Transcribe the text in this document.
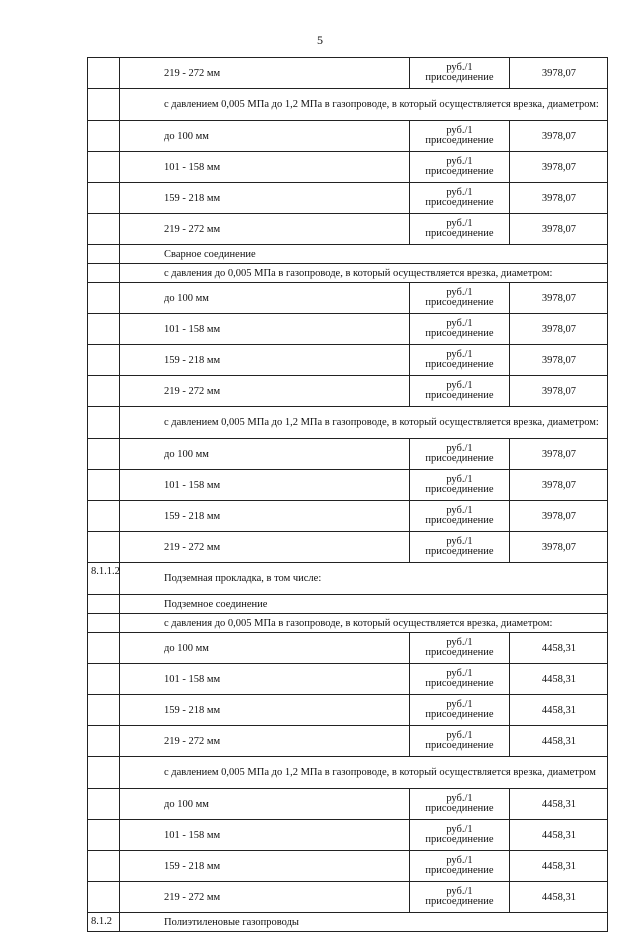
5
	219 - 272 мм	руб./1 присоединение	3978,07
	с давлением 0,005 МПа до 1,2 МПа в газопроводе, в который осуществляется врезка, диаметром:		
	до 100 мм	руб./1 присоединение	3978,07
	101 - 158 мм	руб./1 присоединение	3978,07
	159 - 218 мм	руб./1 присоединение	3978,07
	219 - 272 мм	руб./1 присоединение	3978,07
	Сварное соединение		
	с давления до 0,005 МПа в газопроводе, в который осуществляется врезка, диаметром:		
	до 100 мм	руб./1 присоединение	3978,07
	101 - 158 мм	руб./1 присоединение	3978,07
	159 - 218 мм	руб./1 присоединение	3978,07
	219 - 272 мм	руб./1 присоединение	3978,07
	с давлением 0,005 МПа до 1,2 МПа в газопроводе, в который осуществляется врезка, диаметром:		
	до 100 мм	руб./1 присоединение	3978,07
	101 - 158 мм	руб./1 присоединение	3978,07
	159 - 218 мм	руб./1 присоединение	3978,07
	219 - 272 мм	руб./1 присоединение	3978,07
8.1.1.2	Подземная прокладка, в том числе:		
	Подземное соединение		
	с давления до 0,005 МПа в газопроводе, в который осуществляется врезка, диаметром:		
	до 100 мм	руб./1 присоединение	4458,31
	101 - 158 мм	руб./1 присоединение	4458,31
	159 - 218 мм	руб./1 присоединение	4458,31
	219 - 272 мм	руб./1 присоединение	4458,31
	с давлением 0,005 МПа до 1,2 МПа в газопроводе, в который осуществляется врезка, диаметром		
	до 100 мм	руб./1 присоединение	4458,31
	101 - 158 мм	руб./1 присоединение	4458,31
	159 - 218 мм	руб./1 присоединение	4458,31
	219 - 272 мм	руб./1 присоединение	4458,31
8.1.2	Полиэтиленовые газопроводы		
